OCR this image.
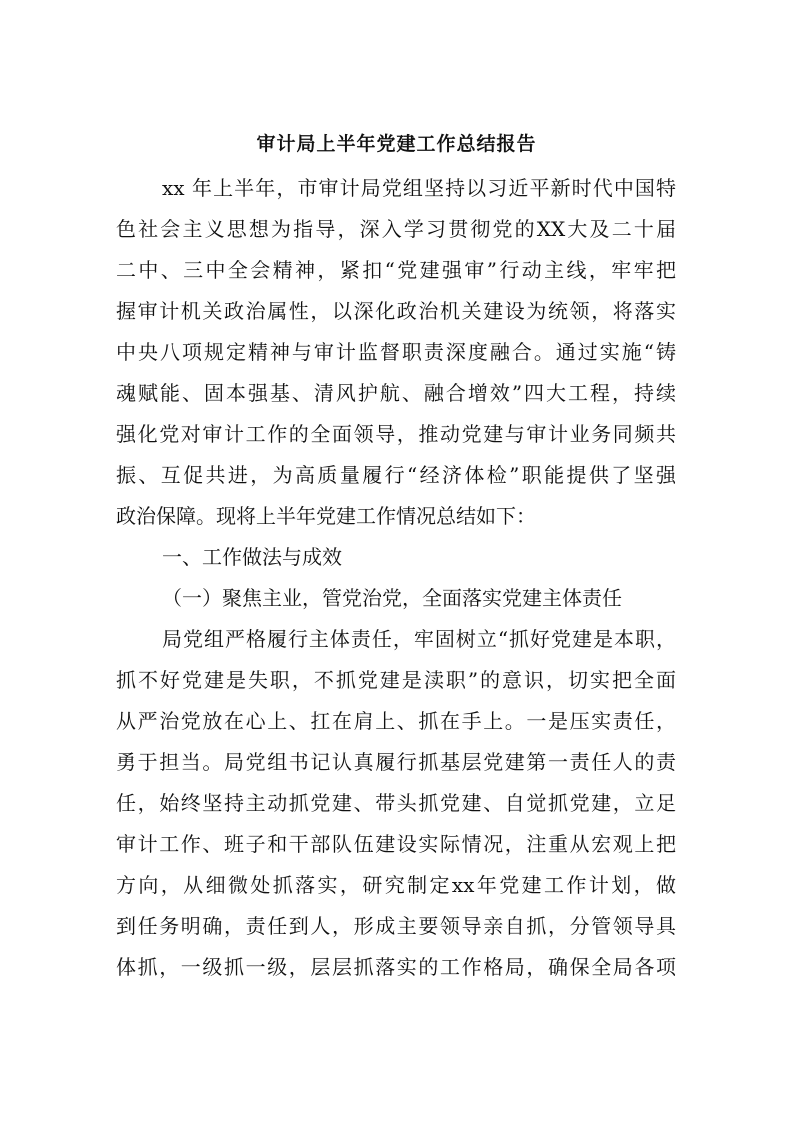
审计局上半年党建工作总结报告
xx 年上半年，市审计局党组坚持以习近平新时代中国特
色社会主义思想为指导，深入学习贯彻党的XX大及二十届
二中、三中全会精神，紧扣“党建强审”行动主线，牢牢把
握审计机关政治属性，以深化政治机关建设为统领，将落实
中央八项规定精神与审计监督职责深度融合。通过实施“铸
魂赋能、固本强基、清风护航、融合增效”四大工程，持续
强化党对审计工作的全面领导，推动党建与审计业务同频共
振、互促共进，为高质量履行“经济体检”职能提供了坚强
政治保障。现将上半年党建工作情况总结如下：
一、工作做法与成效
（一）聚焦主业，管党治党，全面落实党建主体责任
局党组严格履行主体责任，牢固树立“抓好党建是本职，
抓不好党建是失职，不抓党建是渎职”的意识，切实把全面
从严治党放在心上、扛在肩上、抓在手上。一是压实责任，
勇于担当。局党组书记认真履行抓基层党建第一责任人的责
任，始终坚持主动抓党建、带头抓党建、自觉抓党建，立足
审计工作、班子和干部队伍建设实际情况，注重从宏观上把
方向，从细微处抓落实，研究制定xx年党建工作计划，做
到任务明确，责任到人，形成主要领导亲自抓，分管领导具
体抓，一级抓一级，层层抓落实的工作格局，确保全局各项
